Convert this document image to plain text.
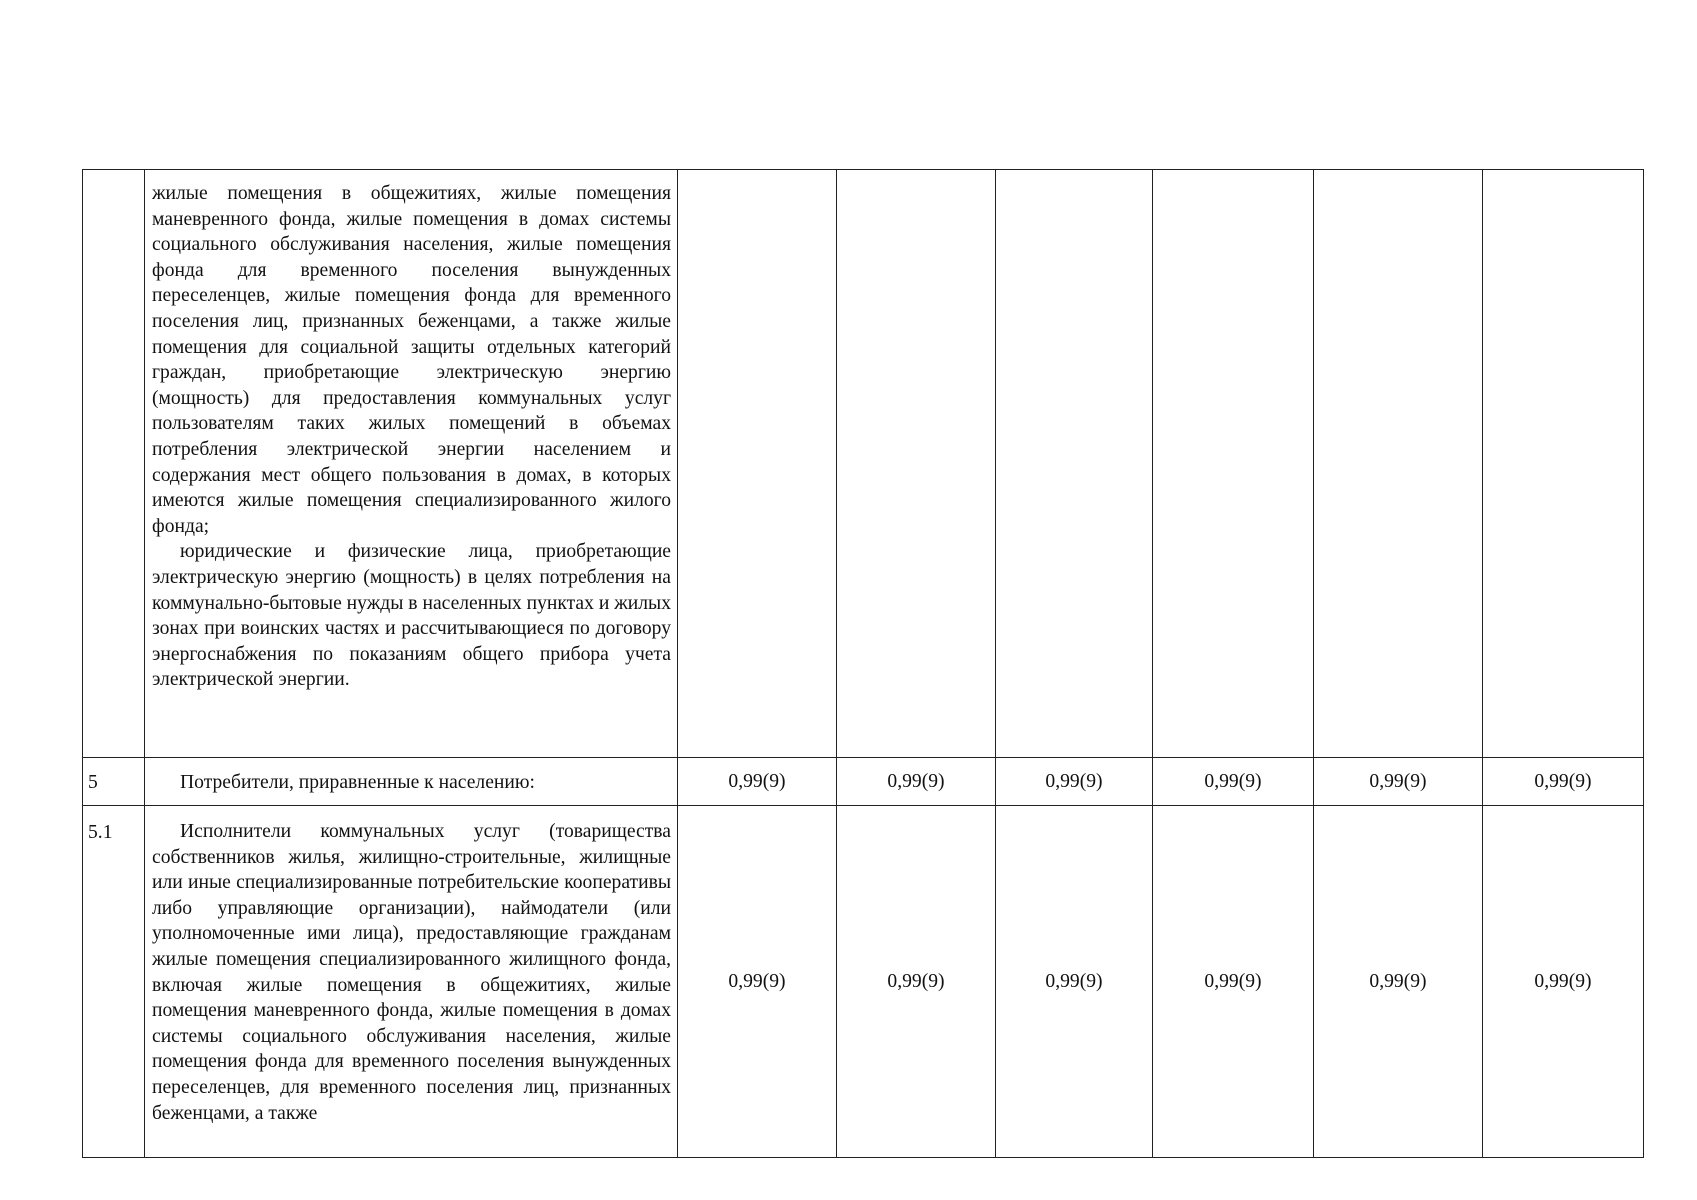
	жилые помещения в общежитиях, жилые помещения маневренного фонда, жилые помещения в домах системы социального обслуживания населения, жилые помещения фонда для временного поселения вынужденных переселенцев, жилые помещения фонда для временного поселения лиц, признанных беженцами, а также жилые помещения для социальной защиты отдельных категорий граждан, приобретающие электрическую энергию (мощность) для предоставления коммунальных услуг пользователям таких жилых помещений в объемах потребления электрической энергии населением и содержания мест общего пользования в домах, в которых имеются жилые помещения специализированного жилого фонда;

юридические и физические лица, приобретающие электрическую энергию (мощность) в целях потребления на коммунально-бытовые нужды в населенных пунктах и жилых зонах при воинских частях и рассчитывающиеся по договору энергоснабжения по показаниям общего прибора учета электрической энергии.						

5	Потребители, приравненные к населению:	0,99(9)	0,99(9)	0,99(9)	0,99(9)	0,99(9)	0,99(9)
5.1	Исполнители коммунальных услуг (товарищества собственников жилья, жилищно-строительные, жилищные или иные специализированные потребительские кооперативы либо управляющие организации), наймодатели (или уполномоченные ими лица), предоставляющие гражданам жилые помещения специализированного жилищного фонда, включая жилые помещения в общежитиях, жилые помещения маневренного фонда, жилые помещения в домах системы социального обслуживания населения, жилые помещения фонда для временного поселения вынужденных переселенцев, для временного поселения лиц, признанных беженцами, а также	0,99(9)	0,99(9)	0,99(9)	0,99(9)	0,99(9)	0,99(9)
